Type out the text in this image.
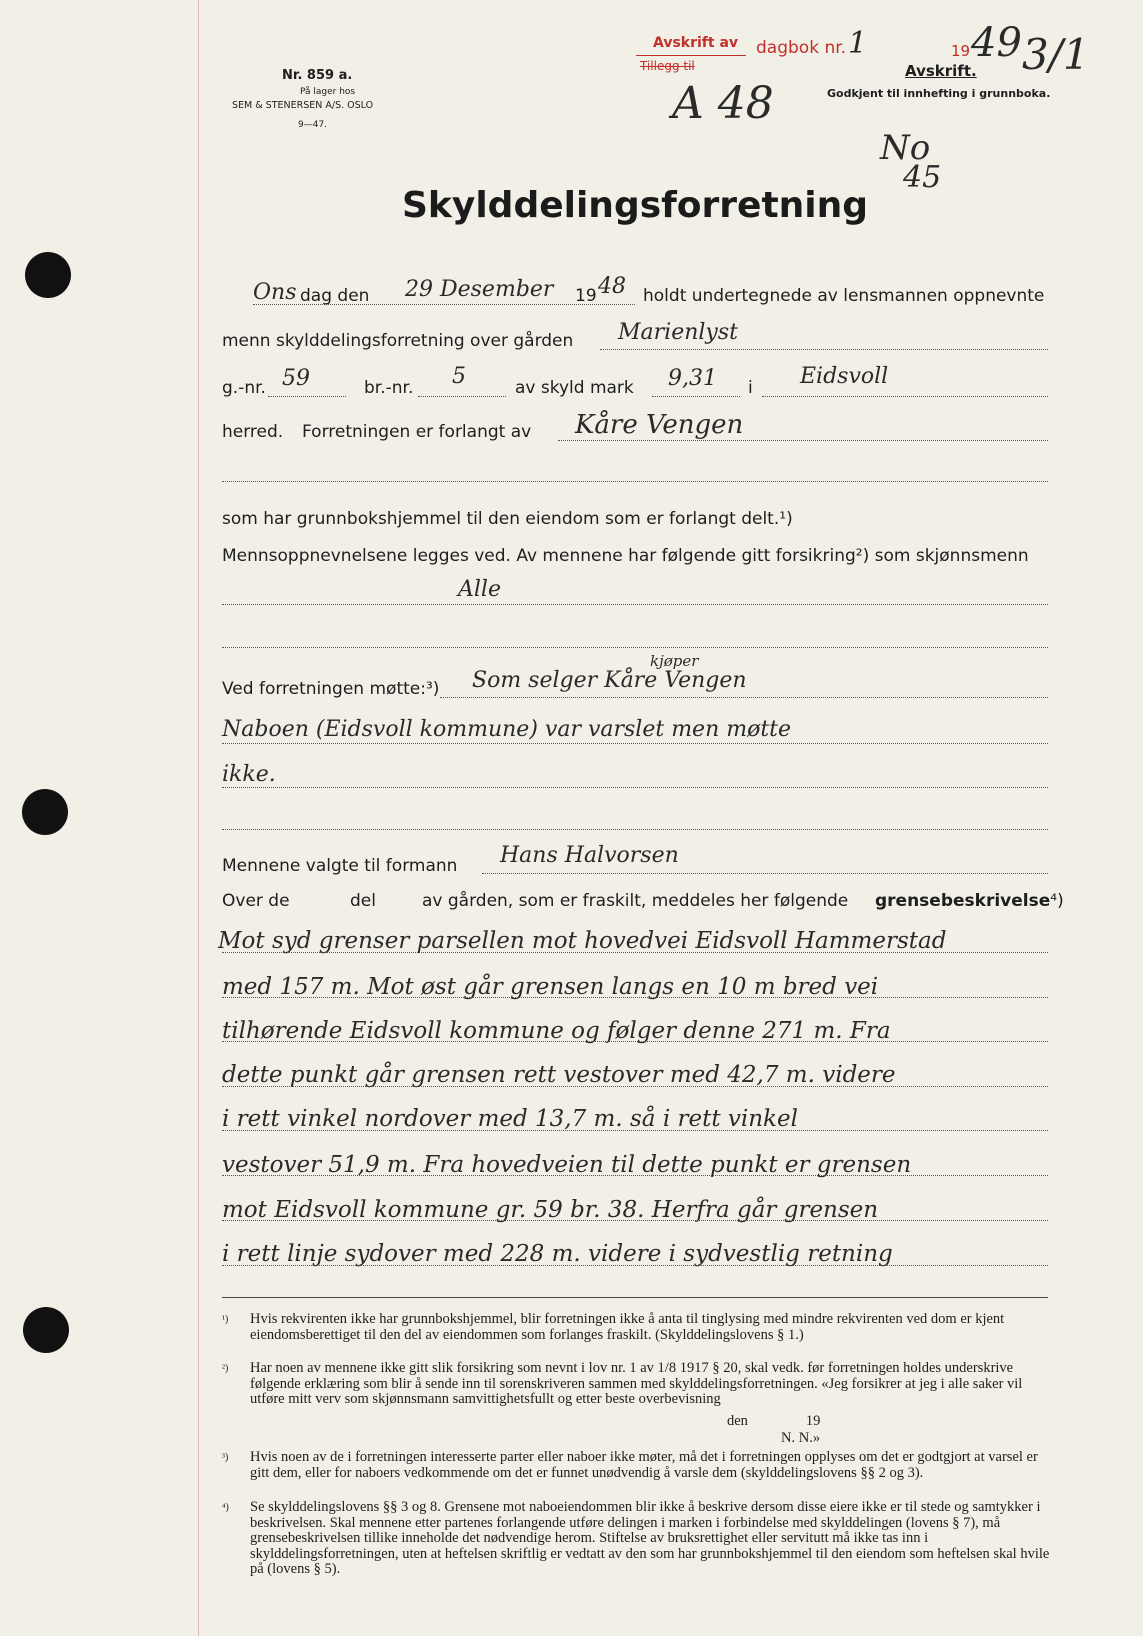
Nr. 859 a.
På lager hos
SEM & STENERSEN A/S. OSLO
9—47.
Avskrift av
Tillegg til
dagbok nr. 1	19 49 3/1
Avskrift.
Godkjent til innhefting i grunnboka.
A 48
No
45
Skylddelingsforretning
Ons dag den 29 Desember 19 48 holdt undertegnede av lensmannen oppnevnte
menn skylddelingsforretning over gården Marienlyst
g.-nr. 59	br.-nr. 5	av skyld mark 9,31 i Eidsvoll
herred. Forretningen er forlangt av Kåre Vengen
som har grunnbokshjemmel til den eiendom som er forlangt delt.¹)
Mennsoppnevnelsene legges ved. Av mennene har følgende gitt forsikring²) som skjønnsmenn
Alle
Ved forretningen møtte:³)
kjøper
Som selger Kåre Vengen
Naboen (Eidsvoll kommune) var varslet men møtte
ikke.
Mennene valgte til formann Hans Halvorsen
Over de	del	av gården, som er fraskilt, meddeles her følgende grensebeskrivelse⁴)
Mot syd grenser parsellen mot hovedvei Eidsvoll Hammerstad
med 157 m. Mot øst går grensen langs en 10 m bred vei
tilhørende Eidsvoll kommune og følger denne 271 m. Fra
dette punkt går grensen rett vestover med 42,7 m. videre
i rett vinkel nordover med 13,7 m. så i rett vinkel
vestover 51,9 m. Fra hovedveien til dette punkt er grensen
mot Eidsvoll kommune gr. 59 br. 38. Herfra går grensen
i rett linje sydover med 228 m. videre i sydvestlig retning
¹) Hvis rekvirenten ikke har grunnbokshjemmel, blir forretningen ikke å anta til tinglysing med mindre rekvirenten ved dom er kjent eiendomsberettiget til den del av eiendommen som forlanges fraskilt. (Skylddelingslovens § 1.)
²) Har noen av mennene ikke gitt slik forsikring som nevnt i lov nr. 1 av 1/8 1917 § 20, skal vedk. før forretningen holdes underskrive følgende erklæring som blir å sende inn til sorenskriveren sammen med skylddelingsforretningen. «Jeg forsikrer at jeg i alle saker vil utføre mitt verv som skjønnsmann samvittighetsfullt og etter beste overbevisning
den                19
N. N.»
³) Hvis noen av de i forretningen interesserte parter eller naboer ikke møter, må det i forretningen opplyses om det er godtgjort at varsel er gitt dem, eller for naboers vedkommende om det er funnet unødvendig å varsle dem (skylddelingslovens §§ 2 og 3).
⁴) Se skylddelingslovens §§ 3 og 8. Grensene mot naboeiendommen blir ikke å beskrive dersom disse eiere ikke er til stede og samtykker i beskrivelsen. Skal mennene etter partenes forlangende utføre delingen i marken i forbindelse med skylddelingen (lovens § 7), må grensebeskrivelsen tillike inneholde det nødvendige herom. Stiftelse av bruksrettighet eller servitutt må ikke tas inn i skylddelingsforretningen, uten at heftelsen skriftlig er vedtatt av den som har grunnbokshjemmel til den eiendom som heftelsen skal hvile på (lovens § 5).
